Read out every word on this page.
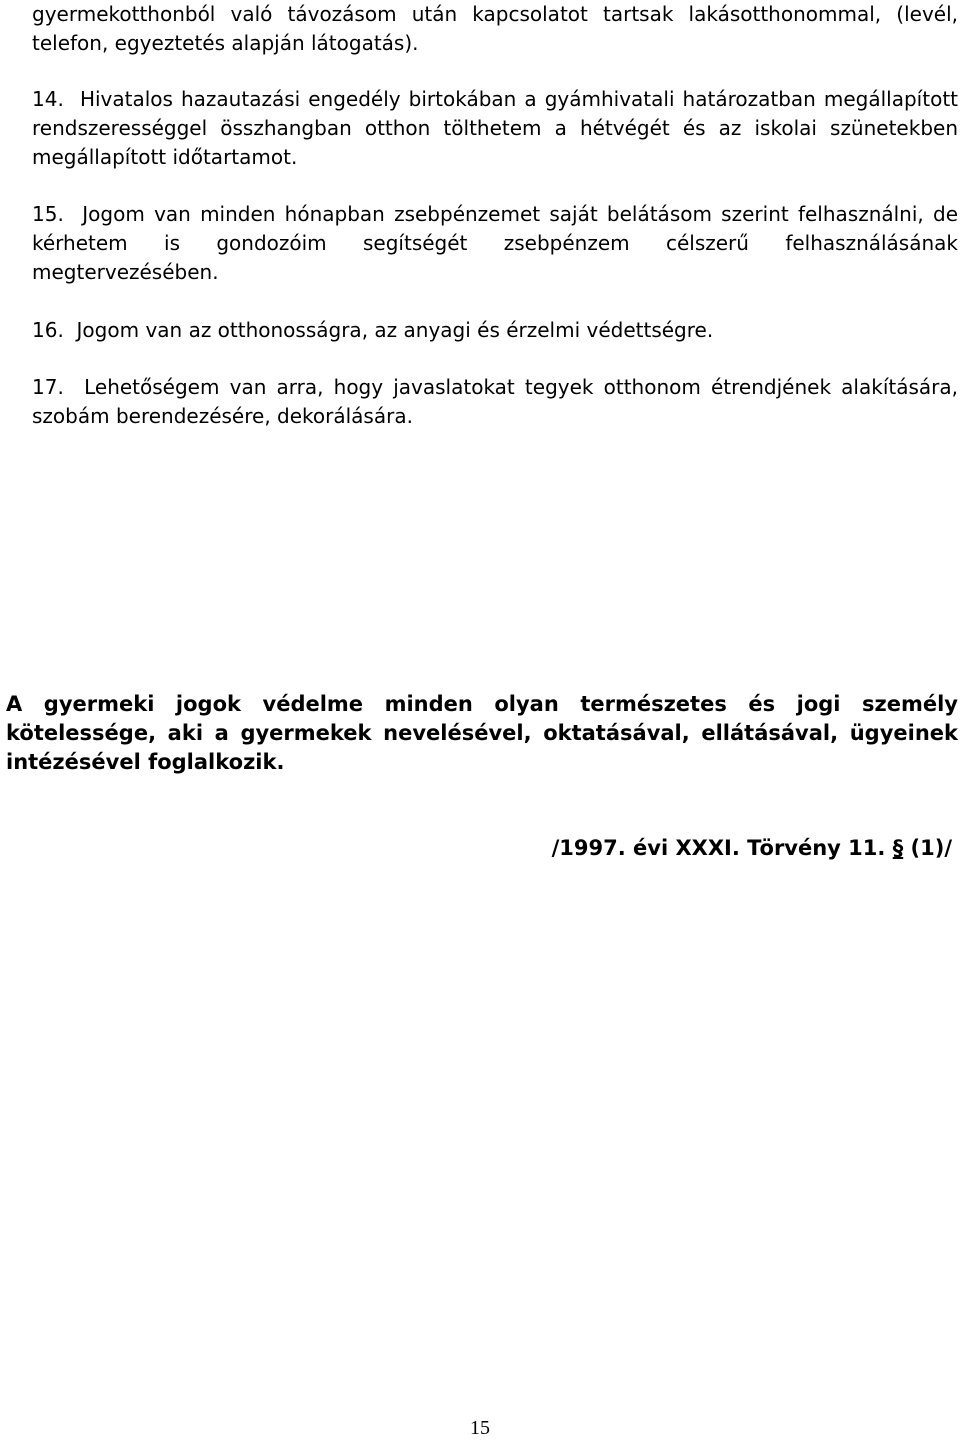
gyermekotthonból való távozásom után kapcsolatot tartsak lakásotthonommal, (levél, telefon, egyeztetés alapján látogatás).

14. Hivatalos hazautazási engedély birtokában a gyámhivatali határozatban megállapított rendszerességgel összhangban otthon tölthetem a hétvégét és az iskolai szünetekben megállapított időtartamot.

15. Jogom van minden hónapban zsebpénzemet saját belátásom szerint felhasználni, de kérhetem is gondozóim segítségét zsebpénzem célszerű felhasználásának megtervezésében.

16. Jogom van az otthonosságra, az anyagi és érzelmi védettségre.

17. Lehetőségem van arra, hogy javaslatokat tegyek otthonom étrendjének alakítására, szobám berendezésére, dekorálására.

A gyermeki jogok védelme minden olyan természetes és jogi személy kötelessége, aki a gyermekek nevelésével, oktatásával, ellátásával, ügyeinek intézésével foglalkozik.

/1997. évi XXXI. Törvény 11. § (1)/
15
